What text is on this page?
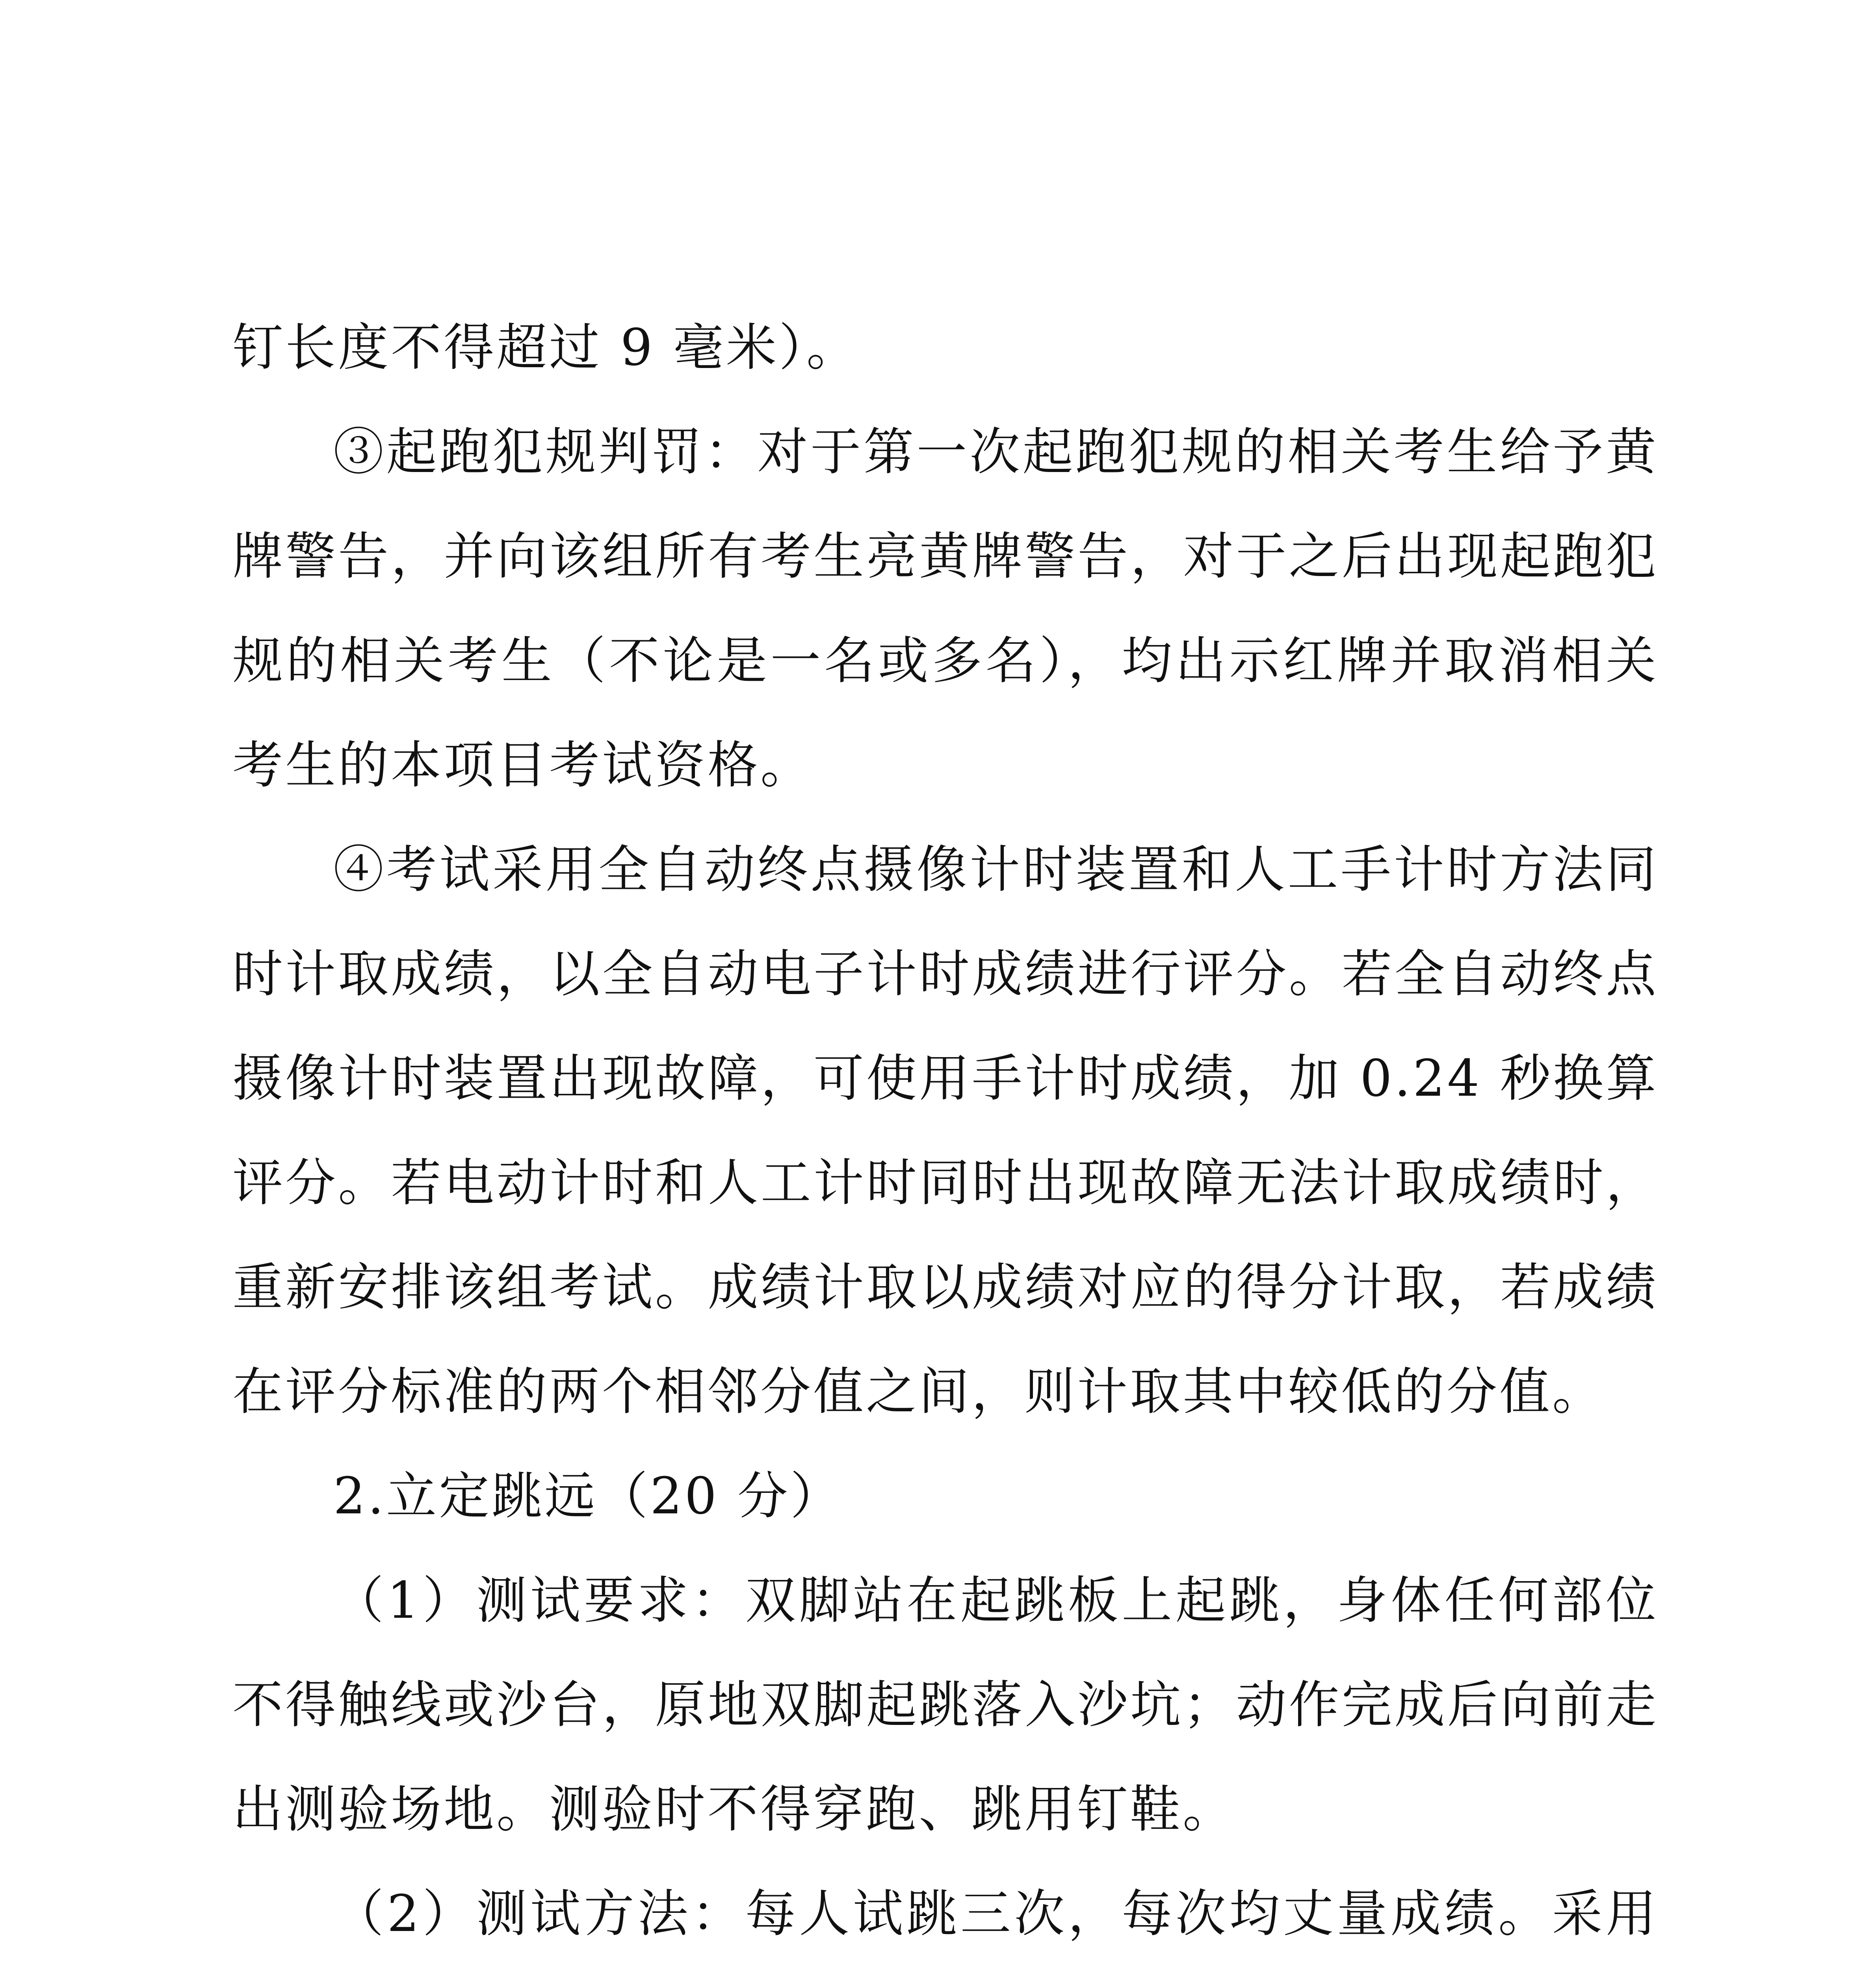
钉长度不得超过 9 毫米）。

③起跑犯规判罚：对于第一次起跑犯规的相关考生给予黄牌警告，并向该组所有考生亮黄牌警告，对于之后出现起跑犯规的相关考生（不论是一名或多名），均出示红牌并取消相关考生的本项目考试资格。

④考试采用全自动终点摄像计时装置和人工手计时方法同时计取成绩，以全自动电子计时成绩进行评分。若全自动终点摄像计时装置出现故障，可使用手计时成绩，加 0.24 秒换算评分。若电动计时和人工计时同时出现故障无法计取成绩时，重新安排该组考试。成绩计取以成绩对应的得分计取，若成绩在评分标准的两个相邻分值之间，则计取其中较低的分值。

2.立定跳远（20 分）

（1）测试要求：双脚站在起跳板上起跳，身体任何部位不得触线或沙台，原地双脚起跳落入沙坑；动作完成后向前走出测验场地。测验时不得穿跑、跳用钉鞋。

（2）测试方法：每人试跳三次，每次均丈量成绩。采用
